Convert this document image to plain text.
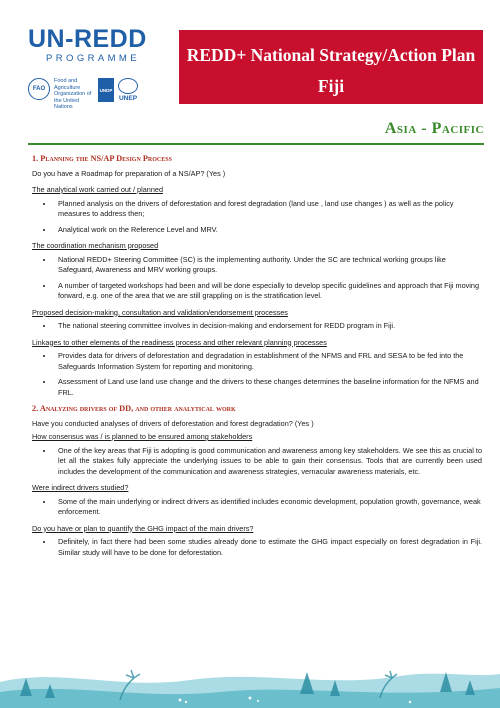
UN-REDD
PROGRAMME
FAO
Food and Agriculture Organization of the United Nations
UNDP
UNEP
REDD+ National Strategy/Action Plan
Fiji
Asia - Pacific
1. Planning the NS/AP Design Process
Do you have a Roadmap for preparation of a NS/AP? (Yes )
The analytical work carried out / planned
• Planned analysis on the drivers of deforestation and forest degradation (land use , land use changes ) as well as the policy measures to address then;
• Analytical work on the Reference Level and MRV.
The coordination mechanism proposed
• National REDD+ Steering Committee (SC) is the implementing authority. Under the SC are technical working groups like Safeguard, Awareness and MRV working groups.
• A number of targeted workshops had been and will be done especially to develop specific guidelines and approach that Fiji moving forward, e.g. one of the area that we are still grappling on is the stratification level.
Proposed decision-making, consultation and validation/endorsement processes
• The national steering committee involves in decision-making and endorsement for REDD program in Fiji.
Linkages to other elements of the readiness process and other relevant planning processes
• Provides data for drivers of deforestation and degradation in establishment of the NFMS and FRL and SESA to be fed into the Safeguards Information System for reporting and monitoring.
• Assessment of Land use land use change and the drivers to these changes determines the baseline information for the NFMS and FRL.
2. Analyzing drivers of DD, and other analytical work
Have you conducted analyses of drivers of deforestation and forest degradation? (Yes )
How consensus was / is planned to be ensured among stakeholders
• One of the key areas that Fiji is adopting is good communication and awareness among key stakeholders. We see this as crucial to let all the stakes fully appreciate the underlying issues to be able to gain their consensus. Tools that are currently been used includes the development of the communication and awareness strategies, vernacular awareness materials, etc.
Were indirect drivers studied?
• Some of the main underlying or indirect drivers as identified includes economic development, population growth, governance, weak enforcement.
Do you have or plan to quantify the GHG impact of the main drivers?
• Definitely, in fact there had been some studies already done to estimate the GHG impact especially on forest degradation in Fiji. Similar study will have to be done for deforestation.
